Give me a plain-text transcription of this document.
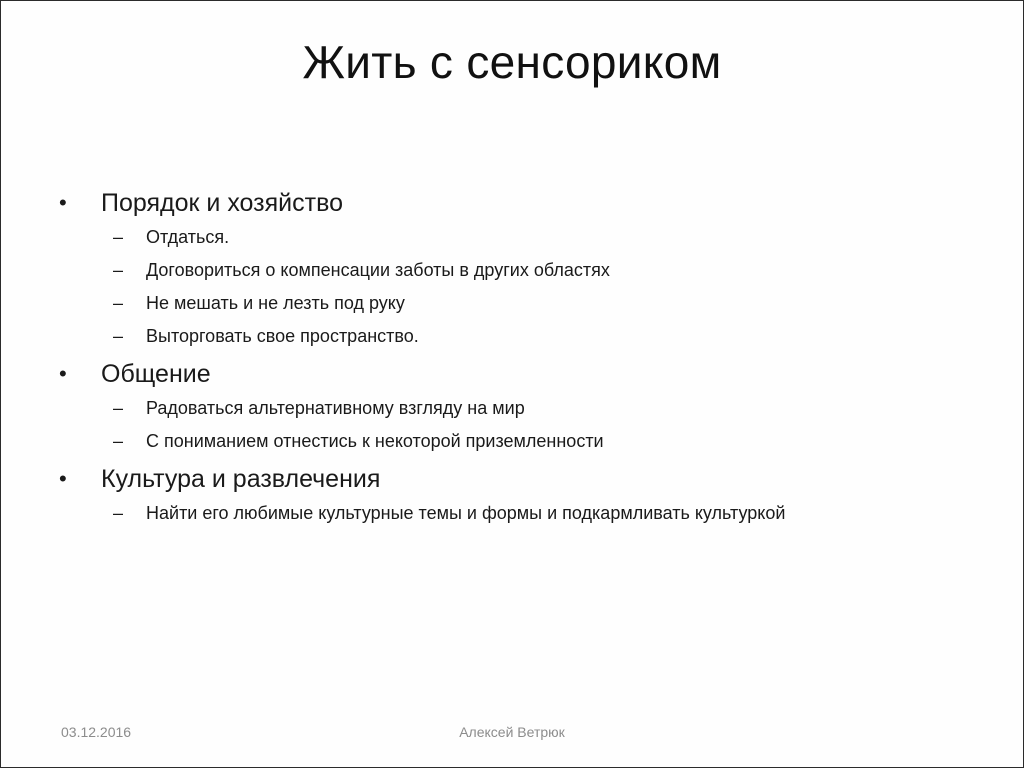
Жить с сенсориком
• Порядок и хозяйство
– Отдаться.
– Договориться о компенсации заботы в других областях
– Не мешать и не лезть под руку
– Выторговать свое пространство.
• Общение
– Радоваться альтернативному взгляду на мир
– С пониманием отнестись к некоторой приземленности
• Культура и развлечения
– Найти его любимые культурные темы и формы и подкармливать культуркой
03.12.2016	Алексей Ветрюк
